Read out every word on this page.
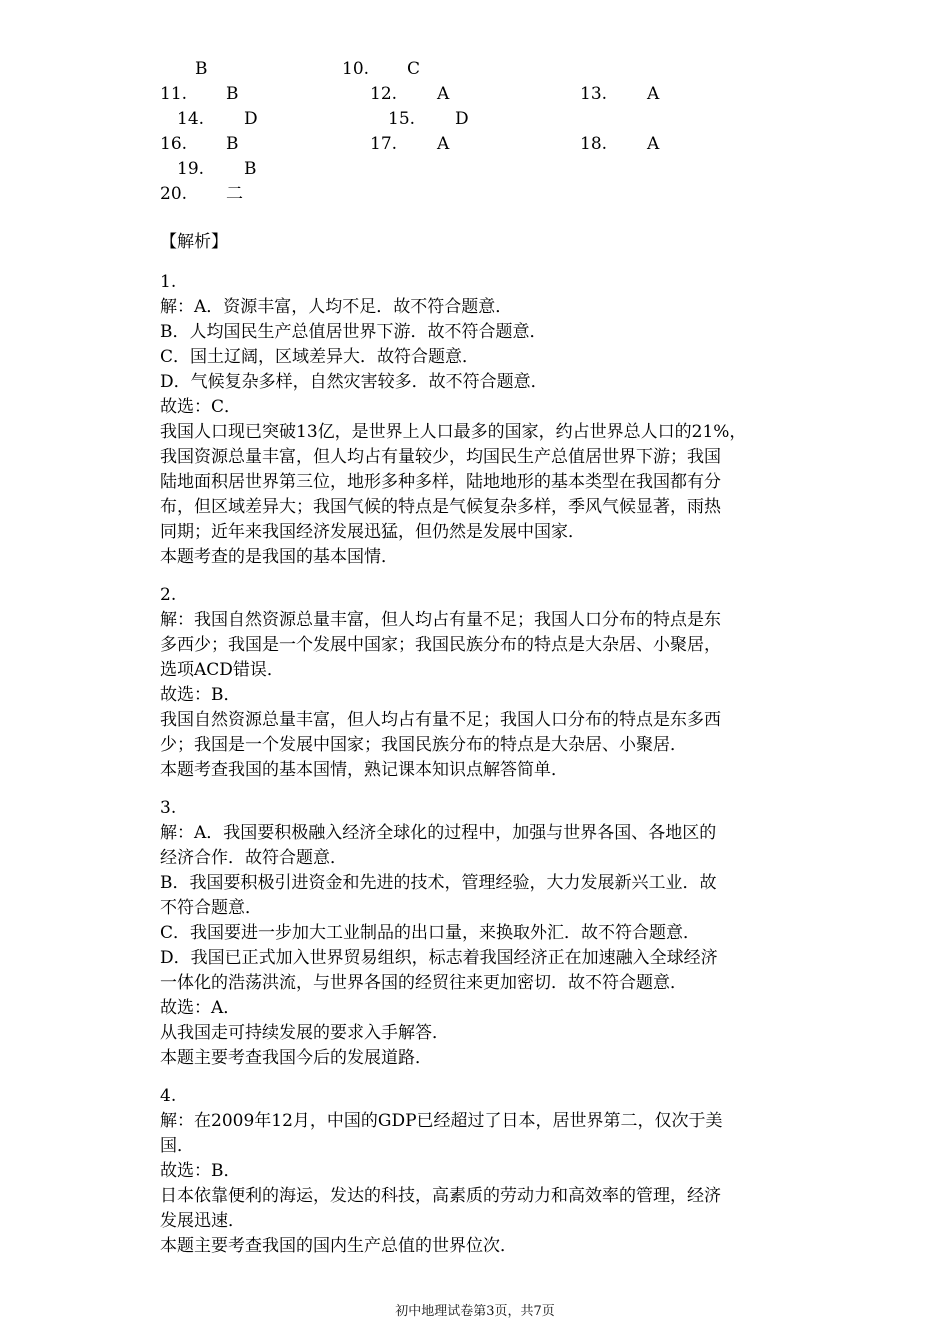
B	10. C
11. B	12. A	13. A
14. D	15. D
16. B	17. A	18. A
19. B
20. 二
【解析】
1.
解：A．资源丰富，人均不足．故不符合题意．
B．人均国民生产总值居世界下游．故不符合题意．
C．国土辽阔，区域差异大．故符合题意．
D．气候复杂多样，自然灾害较多．故不符合题意．
故选：C．
我国人口现已突破13亿，是世界上人口最多的国家，约占世界总人口的21%，
我国资源总量丰富，但人均占有量较少，均国民生产总值居世界下游；我国
陆地面积居世界第三位，地形多种多样，陆地地形的基本类型在我国都有分
布，但区域差异大；我国气候的特点是气候复杂多样，季风气候显著，雨热
同期；近年来我国经济发展迅猛，但仍然是发展中国家．
本题考查的是我国的基本国情．
2.
解：我国自然资源总量丰富，但人均占有量不足；我国人口分布的特点是东
多西少；我国是一个发展中国家；我国民族分布的特点是大杂居、小聚居，
选项ACD错误．
故选：B．
我国自然资源总量丰富，但人均占有量不足；我国人口分布的特点是东多西
少；我国是一个发展中国家；我国民族分布的特点是大杂居、小聚居．
本题考查我国的基本国情，熟记课本知识点解答简单．
3.
解：A．我国要积极融入经济全球化的过程中，加强与世界各国、各地区的
经济合作．故符合题意．
B．我国要积极引进资金和先进的技术，管理经验，大力发展新兴工业．故
不符合题意．
C．我国要进一步加大工业制品的出口量，来换取外汇．故不符合题意．
D．我国已正式加入世界贸易组织，标志着我国经济正在加速融入全球经济
一体化的浩荡洪流，与世界各国的经贸往来更加密切．故不符合题意．
故选：A．
从我国走可持续发展的要求入手解答．
本题主要考查我国今后的发展道路．
4.
解：在2009年12月，中国的GDP已经超过了日本，居世界第二，仅次于美
国．
故选：B．
日本依靠便利的海运，发达的科技，高素质的劳动力和高效率的管理，经济
发展迅速．
本题主要考查我国的国内生产总值的世界位次．
初中地理试卷第3页，共7页
